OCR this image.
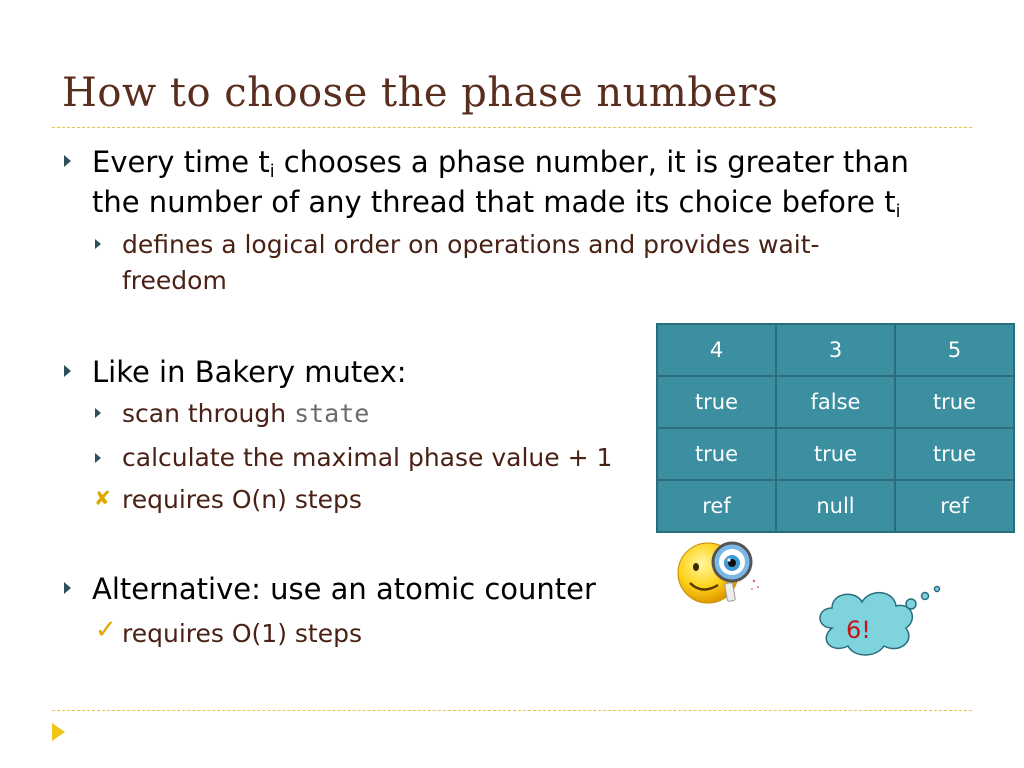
How to choose the phase numbers
Every time $t_i$ chooses a phase number, it is greater than
the number of any thread that made its choice before $t_i$
defines a logical order on operations and provides wait-
freedom
Like in Bakery mutex:
scan through state
calculate the maximal phase value + 1
✘ requires O(n) steps
Alternative: use an atomic counter
✓ requires O(1) steps
4	3	5
true	false	true
true	true	true
ref	null	ref
6!
